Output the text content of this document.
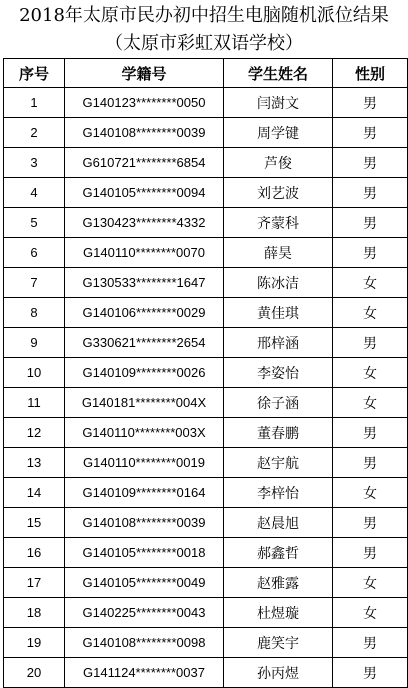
2018年太原市民办初中招生电脑随机派位结果
（太原市彩虹双语学校）
序号	学籍号	学生姓名	性别
1	G140123********0050	闫澍文	男
2	G140108********0039	周学键	男
3	G610721********6854	芦俊	男
4	G140105********0094	刘艺波	男
5	G130423********4332	齐蒙科	男
6	G140110********0070	薛昊	男
7	G130533********1647	陈冰洁	女
8	G140106********0029	黄佳琪	女
9	G330621********2654	邢梓涵	男
10	G140109********0026	李姿怡	女
11	G140181********004X	徐子涵	女
12	G140110********003X	董春鹏	男
13	G140110********0019	赵宇航	男
14	G140109********0164	李梓怡	女
15	G140108********0039	赵晨旭	男
16	G140105********0018	郝鑫哲	男
17	G140105********0049	赵雅露	女
18	G140225********0043	杜煜璇	女
19	G140108********0098	鹿笑宇	男
20	G141124********0037	孙丙煜	男
